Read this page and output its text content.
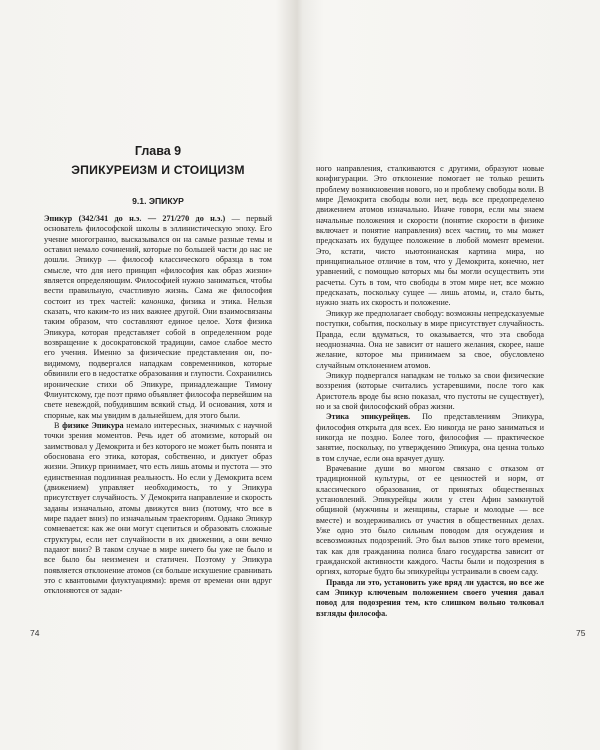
Глава 9
ЭПИКУРЕИЗМ И СТОИЦИЗМ
9.1. ЭПИКУР

Эпикур (342/341 до н.э. — 271/270 до н.э.) — первый основатель философской школы в эллинистическую эпоху. Его учение многогранно, высказывался он на самые разные темы и оставил немало сочинений, которые по большей части до нас не дошли. Эпикур — философ классического образца в том смысле, что для него принцип «философия как образ жизни» является определяющим. Философией нужно заниматься, чтобы вести правильную, счастливую жизнь. Сама же философия состоит из трех частей: каноника, физика и этика. Нельзя сказать, что каким-то из них важнее другой. Они взаимосвязаны таким образом, что составляют единое целое. Хотя физика Эпикура, которая представляет собой в определенном роде возвращение к досократовской традиции, самое слабое место его учения. Именно за физические представления он, по-видимому, подвергался нападкам современников, которые обвинили его в недостатке образования и глупости. Сохранились иронические стихи об Эпикуре, принадлежащие Тимону Флиунтскому, где поэт прямо объявляет философа первейшим на свете невеждой, побудившим всякий стыд. И основания, хотя и спорные, как мы увидим в дальнейшем, для этого были.

В физике Эпикура немало интересных, значимых с научной точки зрения моментов. Речь идет об атомизме, который он заимствовал у Демокрита и без которого не может быть понята и обоснована его этика, которая, собственно, и диктует образ жизни. Эпикур принимает, что есть лишь атомы и пустота — это единственная подлинная реальность. Но если у Демокрита всем (движением) управляет необходимость, то у Эпикура присутствует случайность. У Демокрита направление и скорость заданы изначально, атомы движутся вниз (потому, что все в мире падает вниз) по изначальным траекториям. Однако Эпикур сомневается: как же они могут сцепиться и образовать сложные структуры, если нет случайности в их движении, а они вечно падают вниз? В таком случае в мире ничего бы уже не было и все было бы неизменен и статичен. Поэтому у Эпикура появляется отклонение атомов (ся больше искушение сравнивать это с квантовыми флуктуациями): время от времени они вдруг отклоняются от задан-

74

ного направления, сталкиваются с другими, образуют новые конфигурации. Это отклонение помогает не только решить проблему возникновения нового, но и проблему свободы воли. В мире Демокрита свободы воли нет, ведь все предопределено движением атомов изначально. Иначе говоря, если мы знаем начальные положения и скорости (понятие скорости в физике включает и понятие направления) всех частиц, то мы может предсказать их будущее положение в любой момент времени. Это, кстати, чисто ньютонианская картина мира, но принципиальное отличие в том, что у Демокрита, конечно, нет уравнений, с помощью которых мы бы могли осуществить эти расчеты. Суть в том, что свободы в этом мире нет, все можно предсказать, поскольку сущее — лишь атомы, и, стало быть, нужно знать их скорость и положение.

Эпикур же предполагает свободу: возможны непредсказуемые поступки, события, поскольку в мире присутствует случайность. Правда, если вдуматься, то оказывается, что эта свобода неоднозначна. Она не зависит от нашего желания, скорее, наше желание, которое мы принимаем за свое, обусловлено случайным отклонением атомов.

Эпикур подвергался нападкам не только за свои физические воззрения (которые считались устаревшими, после того как Аристотель вроде бы ясно показал, что пустоты не существует), но и за свой философский образ жизни.

Этика эпикурейцев. По представлениям Эпикура, философия открыта для всех. Ею никогда не рано заниматься и никогда не поздно. Более того, философия — практическое занятие, поскольку, по утверждению Эпикура, она ценна только в том случае, если она врачует душу.

Врачевание души во многом связано с отказом от традиционной культуры, от ее ценностей и норм, от классического образования, от принятых общественных установлений. Эпикурейцы жили у стен Афин замкнутой общиной (мужчины и женщины, старые и молодые — все вместе) и воздерживались от участия в общественных делах. Уже одно это было сильным поводом для осуждения и всевозможных подозрений. Это был вызов этике того времени, так как для гражданина полиса благо государства зависит от гражданской активности каждого. Часты были и подозрения в оргиях, которые будто бы эпикурейцы устраивали в своем саду.

Правда ли это, установить уже вряд ли удастся, но все же сам Эпикур ключевым положением своего учения давал повод для подозрения тем, кто слишком вольно толковал взгляды философа.

75
